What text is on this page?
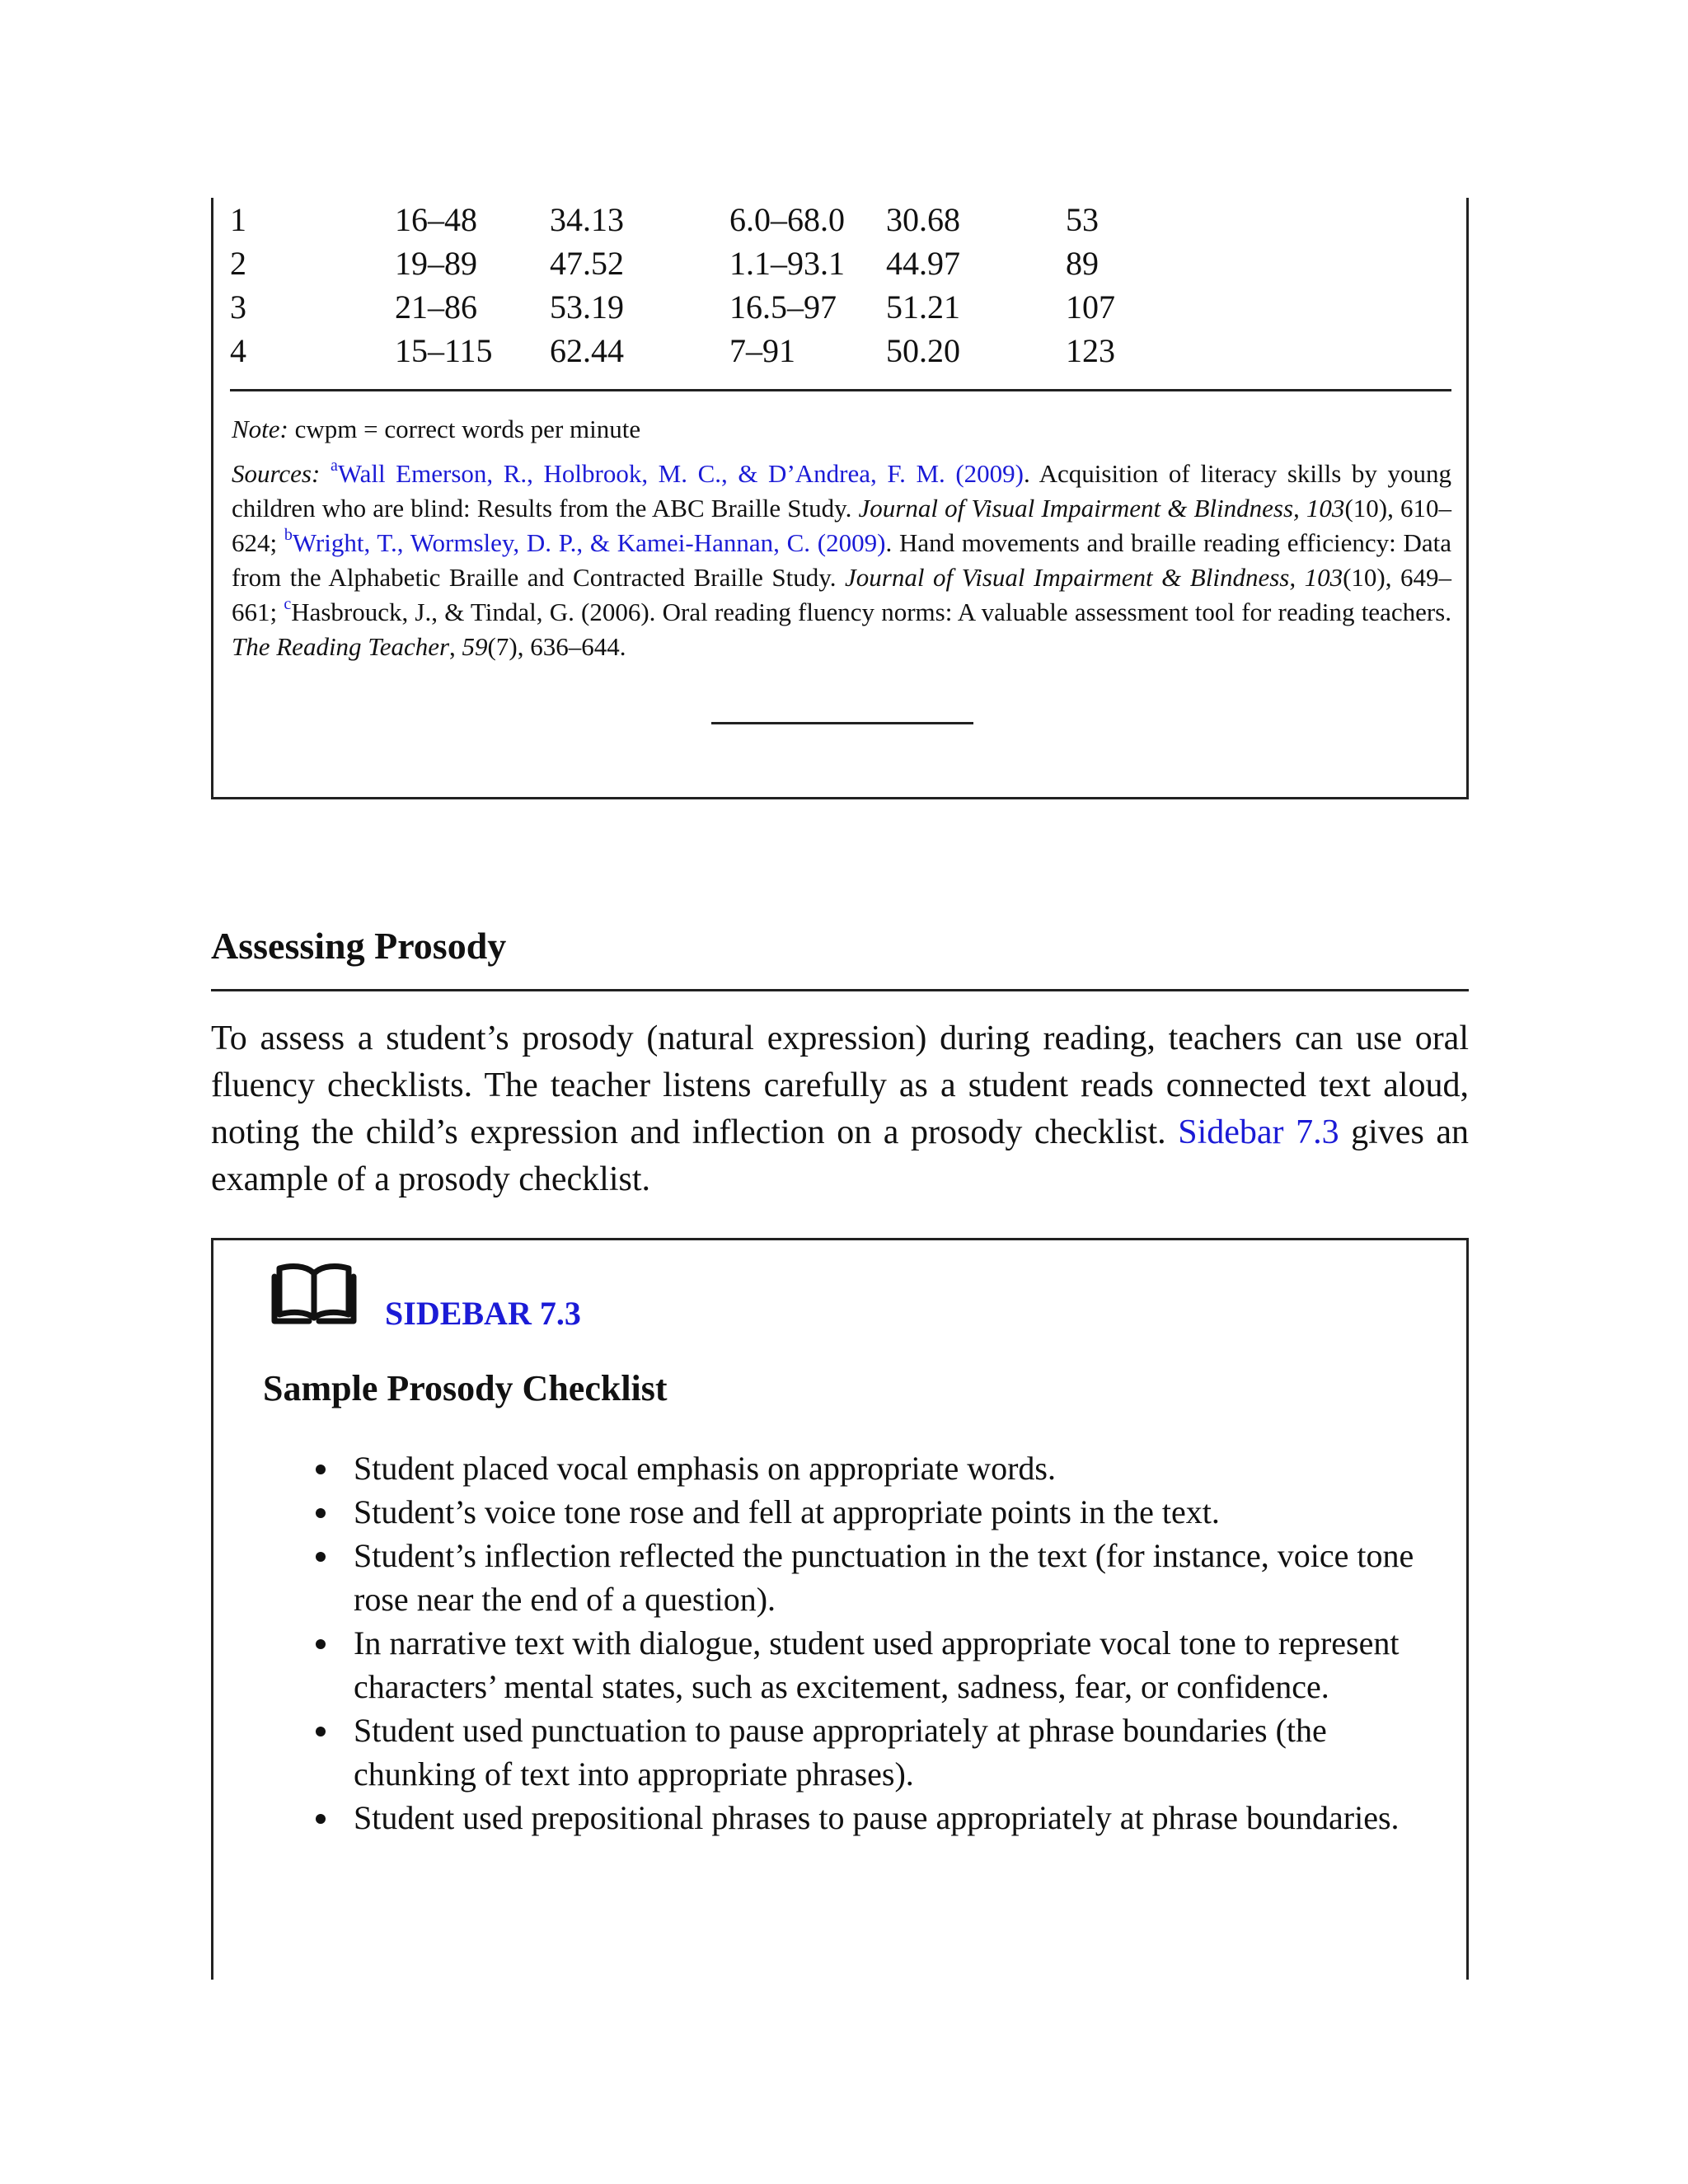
1	16–48	34.13	6.0–68.0	30.68	53
2	19–89	47.52	1.1–93.1	44.97	89
3	21–86	53.19	16.5–97	51.21	107
4	15–115	62.44	7–91	50.20	123

Note: cwpm = correct words per minute

Sources: $^a$Wall Emerson, R., Holbrook, M. C., & D’Andrea, F. M. (2009). Acquisition of literacy skills by young children who are blind: Results from the ABC Braille Study. Journal of Visual Impairment & Blindness, 103(10), 610–624; $^b$Wright, T., Wormsley, D. P., & Kamei-Hannan, C. (2009). Hand movements and braille reading efficiency: Data from the Alphabetic Braille and Contracted Braille Study. Journal of Visual Impairment & Blindness, 103(10), 649–661; $^c$Hasbrouck, J., & Tindal, G. (2006). Oral reading fluency norms: A valuable assessment tool for reading teachers. The Reading Teacher, 59(7), 636–644.

Assessing Prosody

To assess a student’s prosody (natural expression) during reading, teachers can use oral fluency checklists. The teacher listens carefully as a student reads connected text aloud, noting the child’s expression and inflection on a prosody checklist. Sidebar 7.3 gives an example of a prosody checklist.

SIDEBAR 7.3

Sample Prosody Checklist
Student placed vocal emphasis on appropriate words.
Student’s voice tone rose and fell at appropriate points in the text.
Student’s inflection reflected the punctuation in the text (for instance, voice tone rose near the end of a question).
In narrative text with dialogue, student used appropriate vocal tone to represent characters’ mental states, such as excitement, sadness, fear, or confidence.
Student used punctuation to pause appropriately at phrase boundaries (the chunking of text into appropriate phrases).
Student used prepositional phrases to pause appropriately at phrase boundaries.
